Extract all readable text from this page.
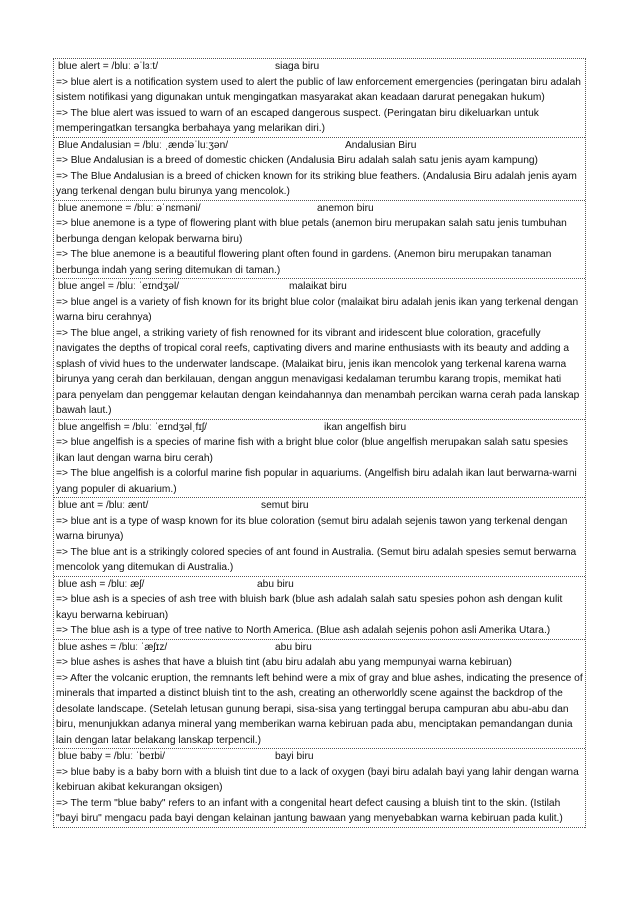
blue alert = /bluː əˈlɜːt/	siaga biru

=> blue alert is a notification system used to alert the public of law enforcement emergencies (peringatan biru adalah sistem notifikasi yang digunakan untuk mengingatkan masyarakat akan keadaan darurat penegakan hukum)

=> The blue alert was issued to warn of an escaped dangerous suspect. (Peringatan biru dikeluarkan untuk memperingatkan tersangka berbahaya yang melarikan diri.)

Blue Andalusian = /bluː ˌændəˈluːʒən/	Andalusian Biru

=> Blue Andalusian is a breed of domestic chicken (Andalusia Biru adalah salah satu jenis ayam kampung)

=> The Blue Andalusian is a breed of chicken known for its striking blue feathers. (Andalusia Biru adalah jenis ayam yang terkenal dengan bulu birunya yang mencolok.)

blue anemone = /bluː əˈnɛməni/	anemon biru

=> blue anemone is a type of flowering plant with blue petals (anemon biru merupakan salah satu jenis tumbuhan berbunga dengan kelopak berwarna biru)

=> The blue anemone is a beautiful flowering plant often found in gardens. (Anemon biru merupakan tanaman berbunga indah yang sering ditemukan di taman.)

blue angel = /bluː ˈeɪndʒəl/	malaikat biru

=> blue angel is a variety of fish known for its bright blue color (malaikat biru adalah jenis ikan yang terkenal dengan warna biru cerahnya)

=> The blue angel, a striking variety of fish renowned for its vibrant and iridescent blue coloration, gracefully navigates the depths of tropical coral reefs, captivating divers and marine enthusiasts with its beauty and adding a splash of vivid hues to the underwater landscape. (Malaikat biru, jenis ikan mencolok yang terkenal karena warna birunya yang cerah dan berkilauan, dengan anggun menavigasi kedalaman terumbu karang tropis, memikat hati para penyelam dan penggemar kelautan dengan keindahannya dan menambah percikan warna cerah pada lanskap bawah laut.)

blue angelfish = /bluː ˈeɪndʒəlˌfɪʃ/	ikan angelfish biru

=> blue angelfish is a species of marine fish with a bright blue color (blue angelfish merupakan salah satu spesies ikan laut dengan warna biru cerah)

=> The blue angelfish is a colorful marine fish popular in aquariums. (Angelfish biru adalah ikan laut berwarna-warni yang populer di akuarium.)

blue ant = /bluː ænt/	semut biru

=> blue ant is a type of wasp known for its blue coloration (semut biru adalah sejenis tawon yang terkenal dengan warna birunya)

=> The blue ant is a strikingly colored species of ant found in Australia. (Semut biru adalah spesies semut berwarna mencolok yang ditemukan di Australia.)

blue ash = /bluː æʃ/	abu biru

=> blue ash is a species of ash tree with bluish bark (blue ash adalah salah satu spesies pohon ash dengan kulit kayu berwarna kebiruan)

=> The blue ash is a type of tree native to North America. (Blue ash adalah sejenis pohon asli Amerika Utara.)

blue ashes = /bluː ˈæʃɪz/	abu biru

=> blue ashes is ashes that have a bluish tint (abu biru adalah abu yang mempunyai warna kebiruan)

=> After the volcanic eruption, the remnants left behind were a mix of gray and blue ashes, indicating the presence of minerals that imparted a distinct bluish tint to the ash, creating an otherworldly scene against the backdrop of the desolate landscape. (Setelah letusan gunung berapi, sisa-sisa yang tertinggal berupa campuran abu abu-abu dan biru, menunjukkan adanya mineral yang memberikan warna kebiruan pada abu, menciptakan pemandangan dunia lain dengan latar belakang lanskap terpencil.)

blue baby = /bluː ˈbeɪbi/	bayi biru

=> blue baby is a baby born with a bluish tint due to a lack of oxygen (bayi biru adalah bayi yang lahir dengan warna kebiruan akibat kekurangan oksigen)

=> The term "blue baby" refers to an infant with a congenital heart defect causing a bluish tint to the skin. (Istilah "bayi biru" mengacu pada bayi dengan kelainan jantung bawaan yang menyebabkan warna kebiruan pada kulit.)
